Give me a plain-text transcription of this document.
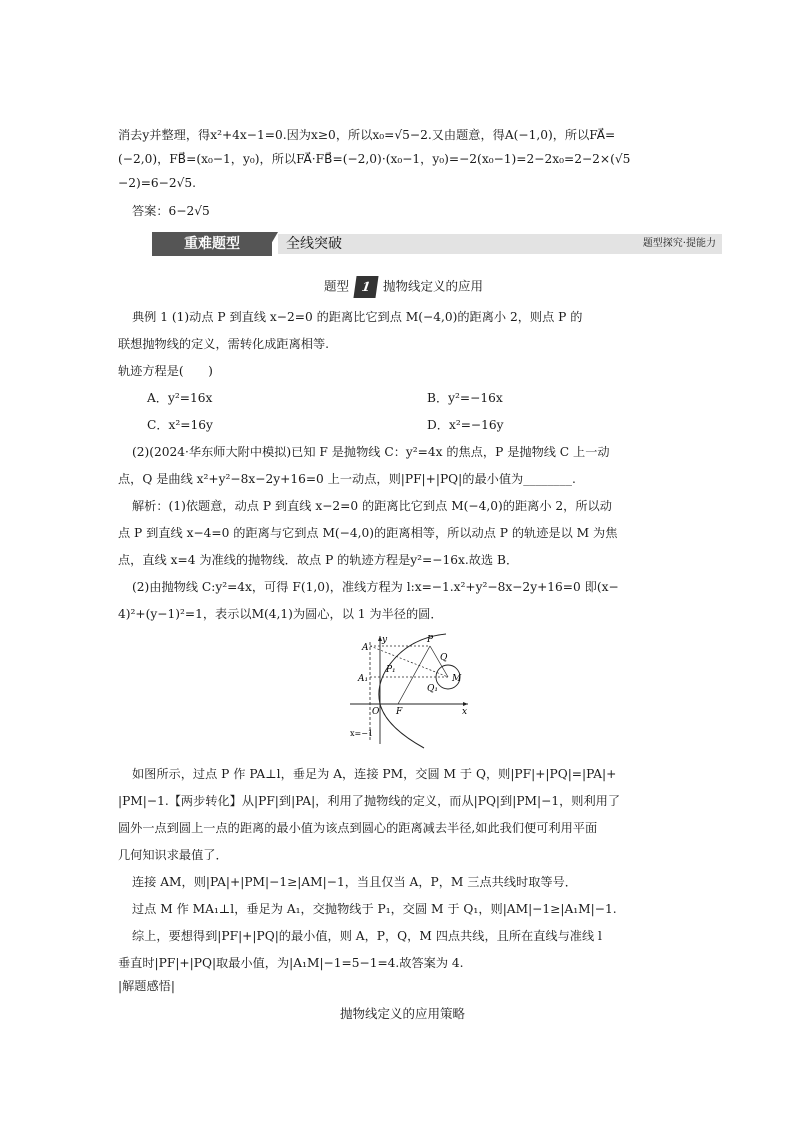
消去y并整理，得x²+4x−1=0.因为x≥0，所以x₀=√5−2.又由题意，得A(−1,0)，所以FA⃗=
(−2,0)，FB⃗=(x₀−1，y₀)，所以FA⃗·FB⃗=(−2,0)·(x₀−1，y₀)=−2(x₀−1)=2−2x₀=2−2×(√5
−2)=6−2√5.
答案：6−2√5
重难题型	全线突破	题型探究·提能力
题型 1 抛物线定义的应用
典例 1 (1)动点 P 到直线 x−2=0 的距离比它到点 M(−4,0)的距离小 2，则点 P 的
联想抛物线的定义，需转化成距离相等.
轨迹方程是(　　)
A．y²=16x	B．y²=−16x
C．x²=16y	D．x²=−16y
(2)(2024·华东师大附中模拟)已知 F 是抛物线 C：y²=4x 的焦点，P 是抛物线 C 上一动
点，Q 是曲线 x²+y²−8x−2y+16=0 上一动点，则|PF|+|PQ|的最小值为________.
解析：(1)依题意，动点 P 到直线 x−2=0 的距离比它到点 M(−4,0)的距离小 2，所以动
点 P 到直线 x−4=0 的距离与它到点 M(−4,0)的距离相等，所以动点 P 的轨迹是以 M 为焦
点，直线 x=4 为准线的抛物线．故点 P 的轨迹方程是y²=−16x.故选 B．
(2)由抛物线 C:y²=4x，可得 F(1,0)，准线方程为 l:x=−1.x²+y²−8x−2y+16=0 即(x−
4)²+(y−1)²=1，表示以M(4,1)为圆心，以 1 为半径的圆．
y
x
O F
A
A₁
P
P₁
Q
Q₁
M
x=−1
如图所示，过点 P 作 PA⊥l，垂足为 A，连接 PM，交圆 M 于 Q，则|PF|+|PQ|=|PA|+
|PM|−1.【两步转化】从|PF|到|PA|，利用了抛物线的定义，而从|PQ|到|PM|−1，则利用了
圆外一点到圆上一点的距离的最小值为该点到圆心的距离减去半径,如此我们便可利用平面
几何知识求最值了．
连接 AM，则|PA|+|PM|−1≥|AM|−1，当且仅当 A，P，M 三点共线时取等号．
过点 M 作 MA₁⊥l，垂足为 A₁，交抛物线于 P₁，交圆 M 于 Q₁，则|AM|−1≥|A₁M|−1.
综上，要想得到|PF|+|PQ|的最小值，则 A，P，Q，M 四点共线，且所在直线与准线 l
垂直时|PF|+|PQ|取最小值，为|A₁M|−1=5−1=4.故答案为 4.
|解题感悟|
抛物线定义的应用策略
